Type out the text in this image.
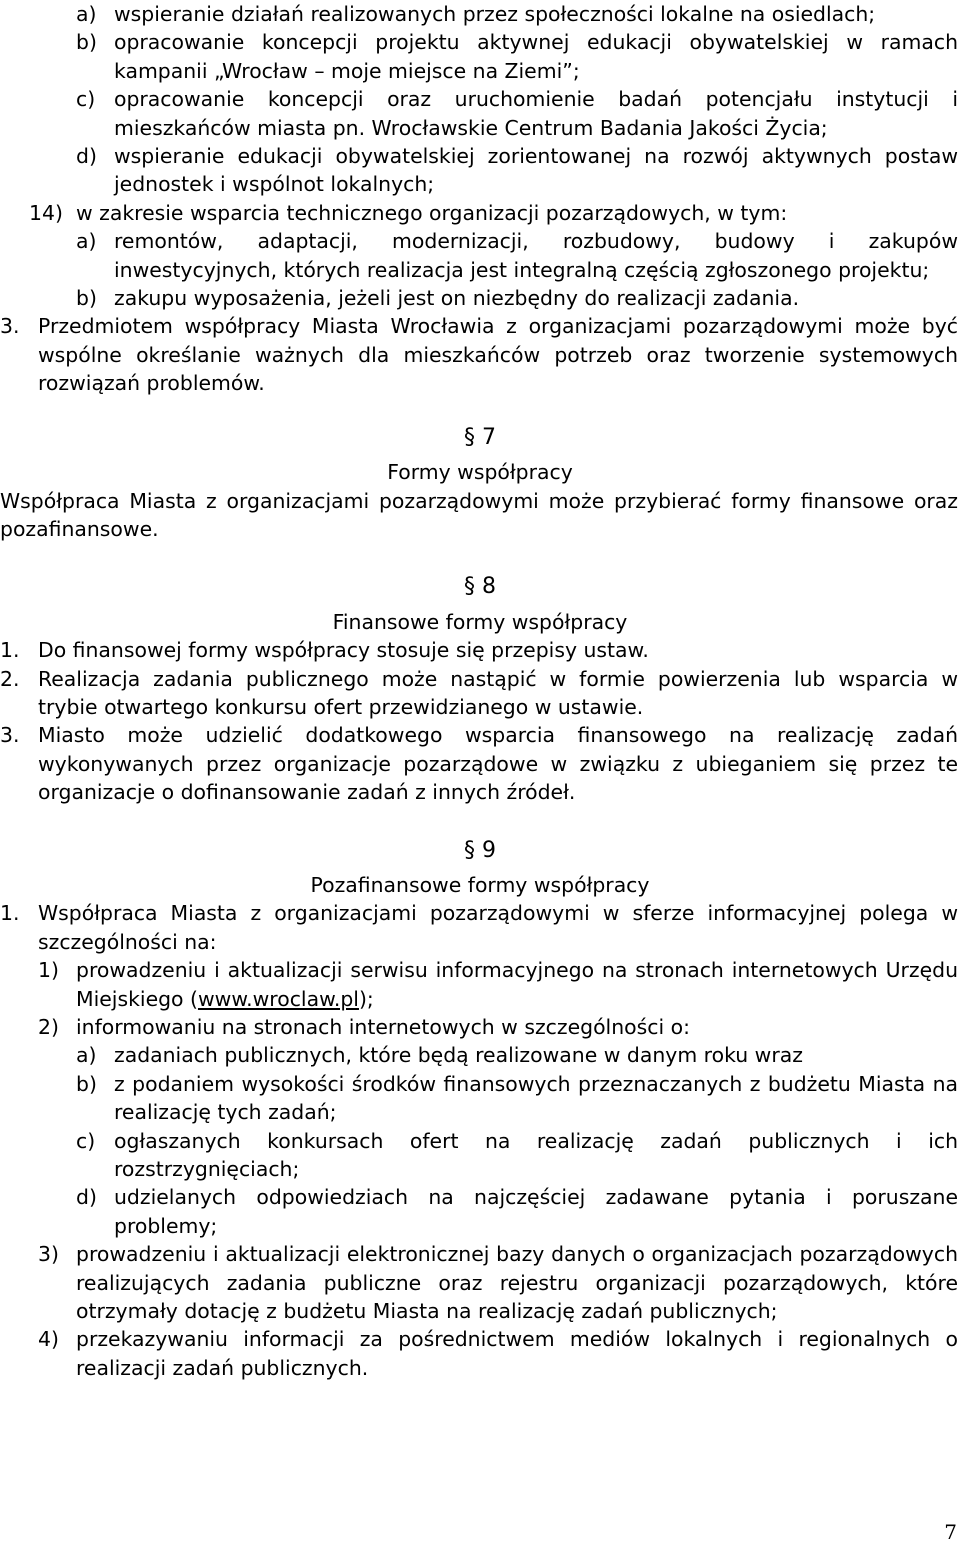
a) wspieranie działań realizowanych przez społeczności lokalne na osiedlach;
b) opracowanie koncepcji projektu aktywnej edukacji obywatelskiej w ramach kampanii „Wrocław – moje miejsce na Ziemi”;
c) opracowanie koncepcji oraz uruchomienie badań potencjału instytucji i mieszkańców miasta pn. Wrocławskie Centrum Badania Jakości Życia;
d) wspieranie edukacji obywatelskiej zorientowanej na rozwój aktywnych postaw jednostek i wspólnot lokalnych;
14) w zakresie wsparcia technicznego organizacji pozarządowych, w tym:
a) remontów, adaptacji, modernizacji, rozbudowy, budowy i zakupów inwestycyjnych, których realizacja jest integralną częścią zgłoszonego projektu;
b) zakupu wyposażenia, jeżeli jest on niezbędny do realizacji zadania.
3. Przedmiotem współpracy Miasta Wrocławia z organizacjami pozarządowymi może być wspólne określanie ważnych dla mieszkańców potrzeb oraz tworzenie systemowych rozwiązań problemów.

§ 7

Formy współpracy

Współpraca Miasta z organizacjami pozarządowymi może przybierać formy finansowe oraz pozafinansowe.

§ 8

Finansowe formy współpracy

1. Do finansowej formy współpracy stosuje się przepisy ustaw.
2. Realizacja zadania publicznego może nastąpić w formie powierzenia lub wsparcia w trybie otwartego konkursu ofert przewidzianego w ustawie.
3. Miasto może udzielić dodatkowego wsparcia finansowego na realizację zadań wykonywanych przez organizacje pozarządowe w związku z ubieganiem się przez te organizacje o dofinansowanie zadań z innych źródeł.

§ 9

Pozafinansowe formy współpracy

1. Współpraca Miasta z organizacjami pozarządowymi w sferze informacyjnej polega w szczególności na:
1) prowadzeniu i aktualizacji serwisu informacyjnego na stronach internetowych Urzędu Miejskiego (www.wroclaw.pl);
2) informowaniu na stronach internetowych w szczególności o:
a) zadaniach publicznych, które będą realizowane w danym roku wraz
b) z podaniem wysokości środków finansowych przeznaczanych z budżetu Miasta na realizację tych zadań;
c) ogłaszanych konkursach ofert na realizację zadań publicznych i ich rozstrzygnięciach;
d) udzielanych odpowiedziach na najczęściej zadawane pytania i poruszane problemy;
3) prowadzeniu i aktualizacji elektronicznej bazy danych o organizacjach pozarządowych realizujących zadania publiczne oraz rejestru organizacji pozarządowych, które otrzymały dotację z budżetu Miasta na realizację zadań publicznych;
4) przekazywaniu informacji za pośrednictwem mediów lokalnych i regionalnych o realizacji zadań publicznych.
7
